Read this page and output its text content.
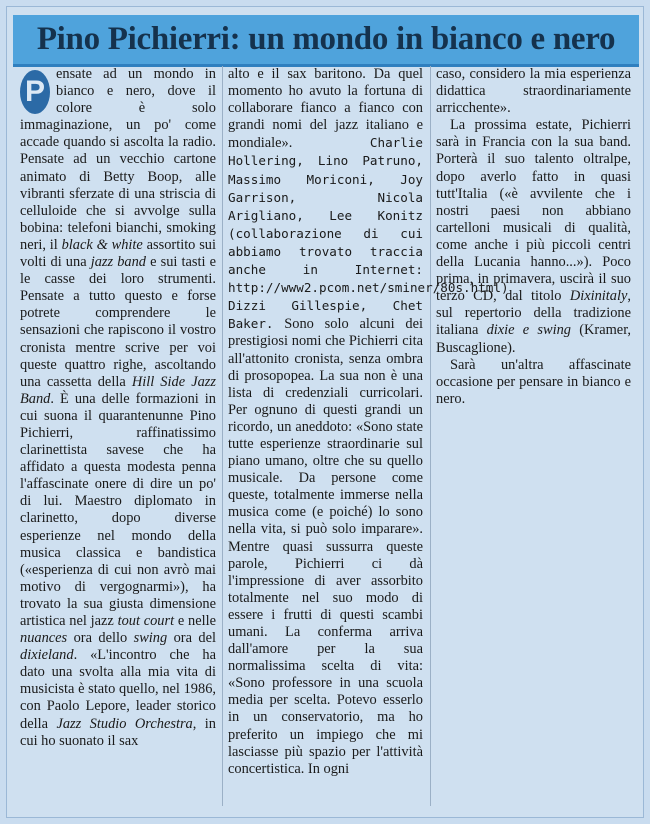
Pino Pichierri: un mondo in bianco e nero

P
ensate ad un mondo in bianco e nero, dove il colore è solo immaginazione, un po' come accade quando si ascolta la radio. Pensate ad un vecchio cartone animato di Betty Boop, alle vibranti sferzate di una striscia di celluloide che si avvolge sulla bobina: telefoni bianchi, smoking neri, il black & white assortito sui volti di una jazz band e sui tasti e le casse dei loro strumenti. Pensate a tutto questo e forse potrete comprendere le sensazioni che rapiscono il vostro cronista mentre scrive per voi queste quattro righe, ascoltando una cassetta della Hill Side Jazz Band. È una delle formazioni in cui suona il quarantenunne Pino Pichierri, raffinatissimo clarinettista savese che ha affidato a questa modesta penna l'affascinate onere di dire un po' di lui. Maestro diplomato in clarinetto, dopo diverse esperienze nel mondo della musica classica e bandistica («esperienza di cui non avrò mai motivo di vergognarmi»), ha trovato la sua giusta dimensione artistica nel jazz tout court e nelle nuances ora dello swing ora del dixieland. «L'incontro che ha dato una svolta alla mia vita di musicista è stato quello, nel 1986, con Paolo Lepore, leader storico della Jazz Studio Orchestra, in cui ho suonato il sax

alto e il sax baritono. Da quel momento ho avuto la fortuna di collaborare fianco a fianco con grandi nomi del jazz italiano e mondiale». Charlie Hollering, Lino Patruno, Massimo Moriconi, Joy Garrison, Nicola Arigliano, Lee Konitz (collaborazione di cui abbiamo trovato traccia anche in Internet: http://www2.pcom.net/sminer/80s.html) Dizzi Gillespie, Chet Baker. Sono solo alcuni dei prestigiosi nomi che Pichierri cita all'attonito cronista, senza ombra di prosopopea. La sua non è una lista di credenziali curricolari. Per ognuno di questi grandi un ricordo, un aneddoto: «Sono state tutte esperienze straordinarie sul piano umano, oltre che su quello musicale. Da persone come queste, totalmente immerse nella musica come (e poiché) lo sono nella vita, si può solo imparare». Mentre quasi sussurra queste parole, Pichierri ci dà l'impressione di aver assorbito totalmente nel suo modo di essere i frutti di questi scambi umani. La conferma arriva dall'amore per la sua normalissima scelta di vita: «Sono professore in una scuola media per scelta. Potevo esserlo in un conservatorio, ma ho preferito un impiego che mi lasciasse più spazio per l'attività concertistica. In ogni

caso, considero la mia esperienza didattica straordinariamente arricchente».

La prossima estate, Pichierri sarà in Francia con la sua band. Porterà il suo talento oltralpe, dopo averlo fatto in quasi tutt'Italia («è avvilente che i nostri paesi non abbiano cartelloni musicali di qualità, come anche i più piccoli centri della Lucania hanno...»). Poco prima, in primavera, uscirà il suo terzo CD, dal titolo Dixinitaly, sul repertorio della tradizione italiana dixie e swing (Kramer, Buscaglione).

Sarà un'altra affascinate occasione per pensare in bianco e nero.
